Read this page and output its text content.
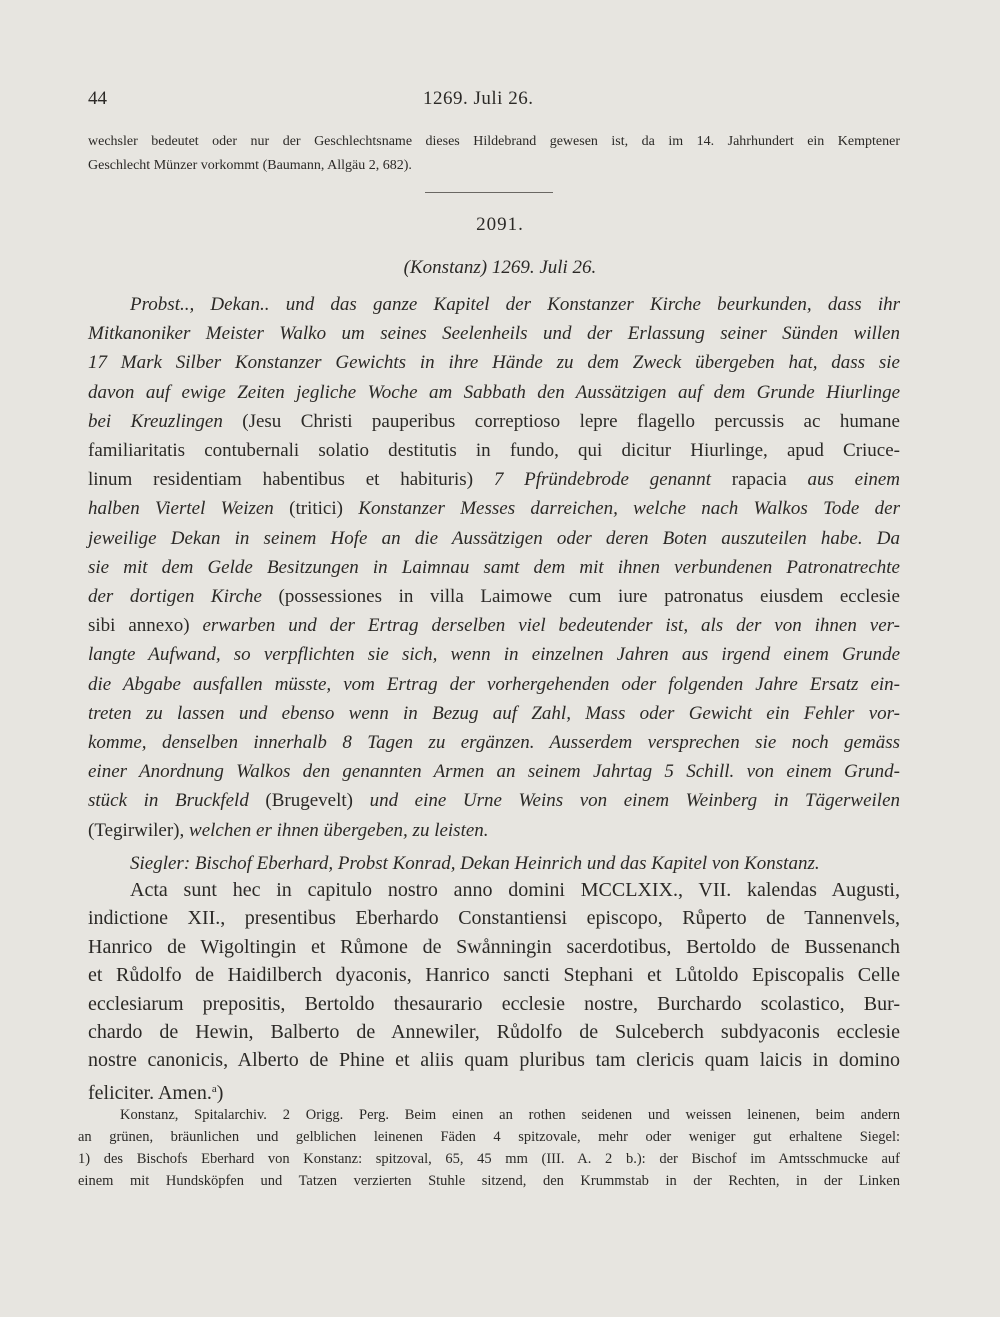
44	1269. Juli 26.
wechsler bedeutet oder nur der Geschlechtsname dieses Hildebrand gewesen ist, da im 14. Jahrhundert ein Kemptener
Geschlecht Münzer vorkommt (Baumann, Allgäu 2, 682).
2091.
(Konstanz) 1269. Juli 26.
Probst.., Dekan.. und das ganze Kapitel der Konstanzer Kirche beurkunden, dass ihr
Mitkanoniker Meister Walko um seines Seelenheils und der Erlassung seiner Sünden willen
17 Mark Silber Konstanzer Gewichts in ihre Hände zu dem Zweck übergeben hat, dass sie
davon auf ewige Zeiten jegliche Woche am Sabbath den Aussätzigen auf dem Grunde Hiurlinge
bei Kreuzlingen (Jesu Christi pauperibus correptioso lepre flagello percussis ac humane
familiaritatis contubernali solatio destitutis in fundo, qui dicitur Hiurlinge, apud Criuce-
linum residentiam habentibus et habituris) 7 Pfründebrode genannt rapacia aus einem
halben Viertel Weizen (tritici) Konstanzer Messes darreichen, welche nach Walkos Tode der
jeweilige Dekan in seinem Hofe an die Aussätzigen oder deren Boten auszuteilen habe. Da
sie mit dem Gelde Besitzungen in Laimnau samt dem mit ihnen verbundenen Patronatrechte
der dortigen Kirche (possessiones in villa Laimowe cum iure patronatus eiusdem ecclesie
sibi annexo) erwarben und der Ertrag derselben viel bedeutender ist, als der von ihnen ver-
langte Aufwand, so verpflichten sie sich, wenn in einzelnen Jahren aus irgend einem Grunde
die Abgabe ausfallen müsste, vom Ertrag der vorhergehenden oder folgenden Jahre Ersatz ein-
treten zu lassen und ebenso wenn in Bezug auf Zahl, Mass oder Gewicht ein Fehler vor-
komme, denselben innerhalb 8 Tagen zu ergänzen. Ausserdem versprechen sie noch gemäss
einer Anordnung Walkos den genannten Armen an seinem Jahrtag 5 Schill. von einem Grund-
stück in Bruckfeld (Brugevelt) und eine Urne Weins von einem Weinberg in Tägerweilen
(Tegirwiler), welchen er ihnen übergeben, zu leisten.
Siegler: Bischof Eberhard, Probst Konrad, Dekan Heinrich und das Kapitel von Konstanz.
Acta sunt hec in capitulo nostro anno domini MCCLXIX., VII. kalendas Augusti,
indictione XII., presentibus Eberhardo Constantiensi episcopo, Růperto de Tannenvels,
Hanrico de Wigoltingin et Růmone de Swånningin sacerdotibus, Bertoldo de Bussenanch
et Růdolfo de Haidilberch dyaconis, Hanrico sancti Stephani et Lůtoldo Episcopalis Celle
ecclesiarum prepositis, Bertoldo thesaurario ecclesie nostre, Burchardo scolastico, Bur-
chardo de Hewin, Balberto de Annewiler, Růdolfo de Sulceberch subdyaconis ecclesie
nostre canonicis, Alberto de Phine et aliis quam pluribus tam clericis quam laicis in domino
feliciter. Amen.$^a$)
Konstanz, Spitalarchiv. 2 Origg. Perg. Beim einen an rothen seidenen und weissen leinenen, beim andern
an grünen, bräunlichen und gelblichen leinenen Fäden 4 spitzovale, mehr oder weniger gut erhaltene Siegel:
1) des Bischofs Eberhard von Konstanz: spitzoval, 65, 45 mm (III. A. 2 b.): der Bischof im Amtsschmucke auf
einem mit Hundsköpfen und Tatzen verzierten Stuhle sitzend, den Krummstab in der Rechten, in der Linken
